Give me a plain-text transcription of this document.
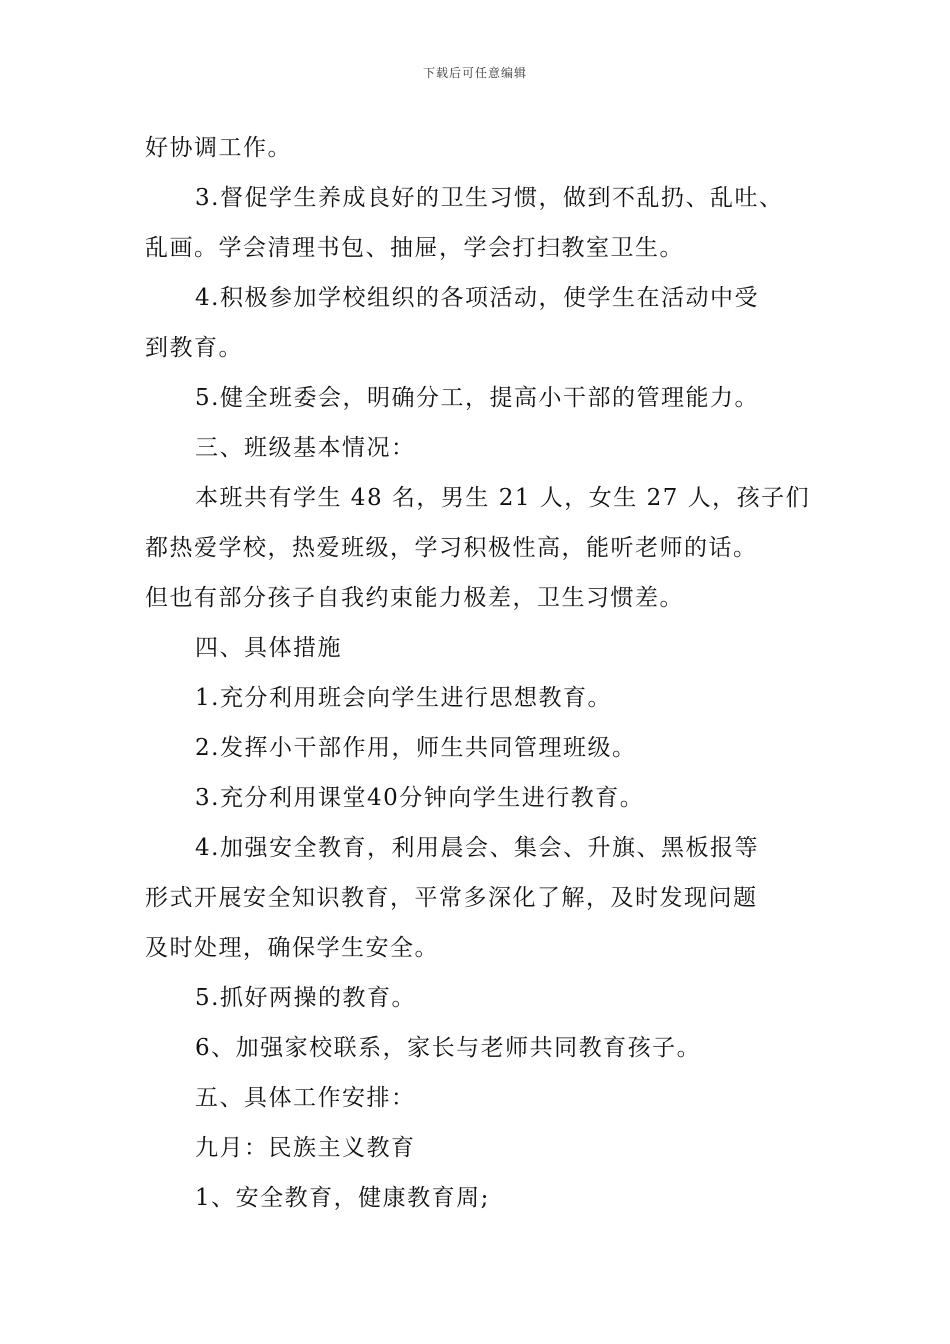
下载后可任意编辑
好协调工作。
3.督促学生养成良好的卫生习惯，做到不乱扔、乱吐、
乱画。学会清理书包、抽屉，学会打扫教室卫生。
4.积极参加学校组织的各项活动，使学生在活动中受
到教育。
5.健全班委会，明确分工，提高小干部的管理能力。
三、班级基本情况：
本班共有学生 48 名，男生 21 人，女生 27 人，孩子们
都热爱学校，热爱班级，学习积极性高，能听老师的话。
但也有部分孩子自我约束能力极差，卫生习惯差。
四、具体措施
1.充分利用班会向学生进行思想教育。
2.发挥小干部作用，师生共同管理班级。
3.充分利用课堂40分钟向学生进行教育。
4.加强安全教育，利用晨会、集会、升旗、黑板报等
形式开展安全知识教育，平常多深化了解，及时发现问题
及时处理，确保学生安全。
5.抓好两操的教育。
6、加强家校联系，家长与老师共同教育孩子。
五、具体工作安排：
九月：民族主义教育
1、安全教育，健康教育周;
